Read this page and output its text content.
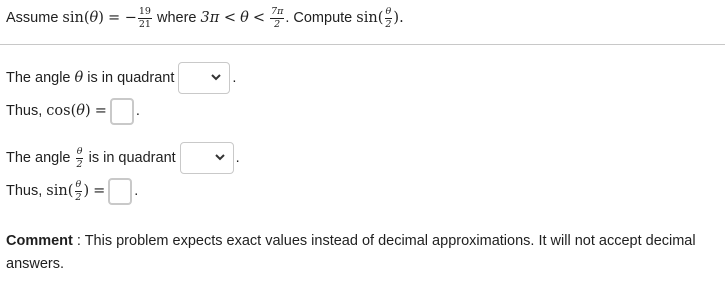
Assume
sin ( θ )
= − $\frac{19}{21}$
where
3π <
θ
<
$\frac{7\pi}{2}$ .
Compute
sin ( $\frac{\theta}{2}$ ).
The angle
θ
is in quadrant	.
Thus,
cos ( θ )
= .
The angle
$\frac{\theta}{2}$
is in quadrant	.
Thus,
sin ( $\frac{\theta}{2}$ )
= .
Comment : This problem expects exact values instead of decimal approximations. It will not accept decimal answers.
